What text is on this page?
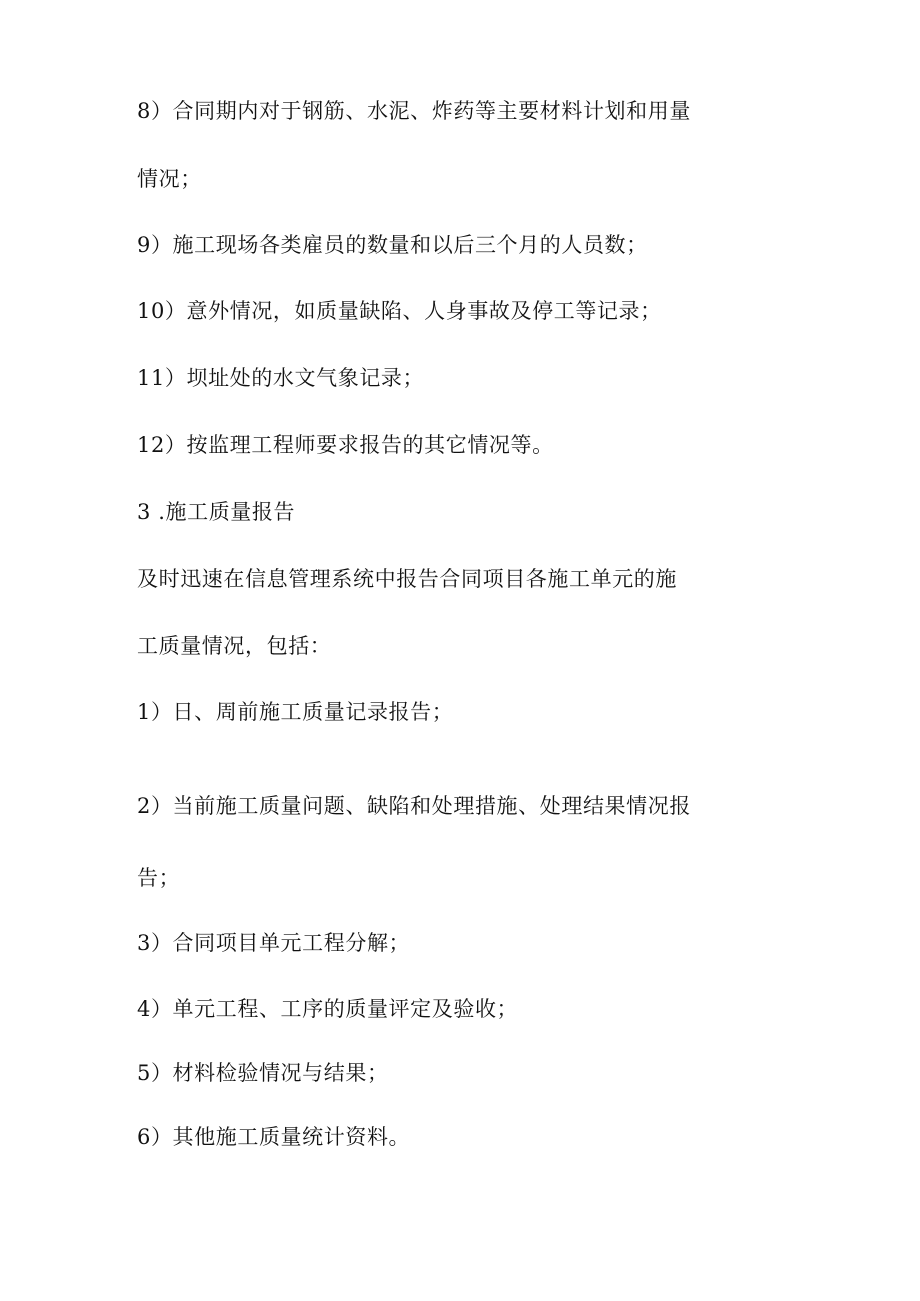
8）合同期内对于钢筋、水泥、炸药等主要材料计划和用量
情况；
9）施工现场各类雇员的数量和以后三个月的人员数；
10）意外情况，如质量缺陷、人身事故及停工等记录；
11）坝址处的水文气象记录；
12）按监理工程师要求报告的其它情况等。
3 .施工质量报告
及时迅速在信息管理系统中报告合同项目各施工单元的施
工质量情况，包括：
1）日、周前施工质量记录报告；
2）当前施工质量问题、缺陷和处理措施、处理结果情况报
告；
3）合同项目单元工程分解；
4）单元工程、工序的质量评定及验收；
5）材料检验情况与结果；
6）其他施工质量统计资料。
